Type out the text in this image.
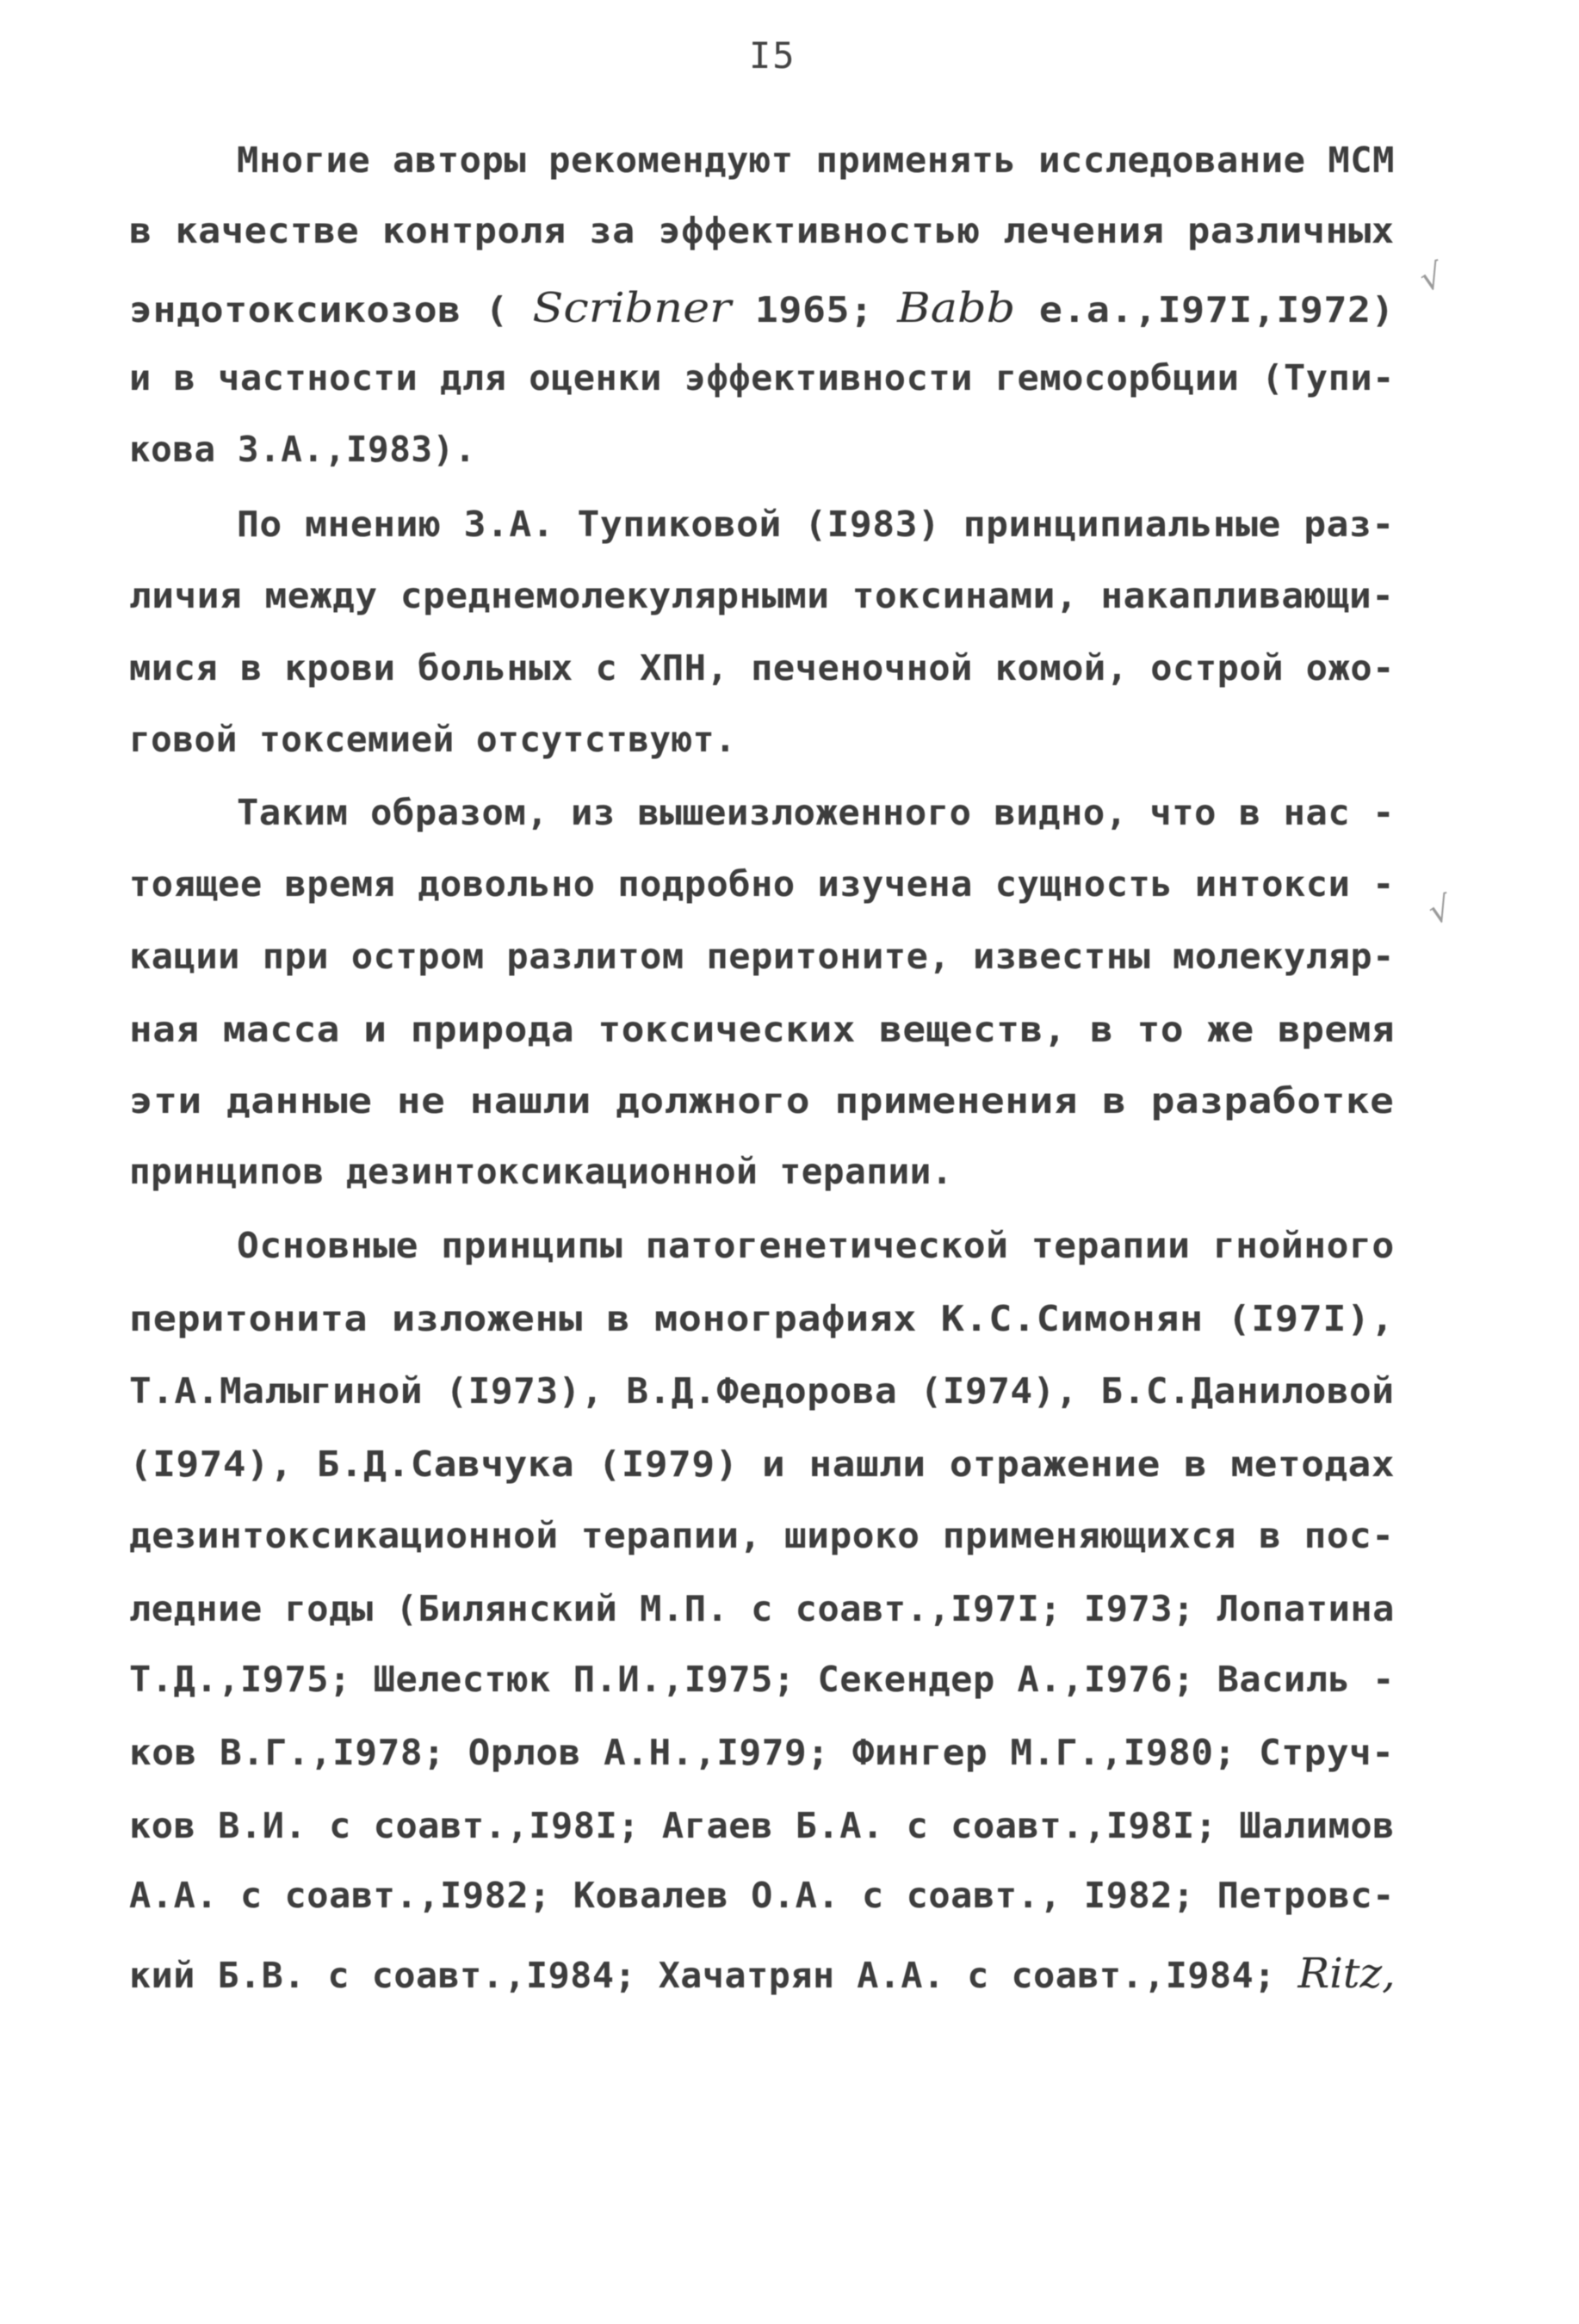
I5
Многие авторы рекомендуют применять исследование МСМ
в качестве контроля за эффективностью лечения различных
эндотоксикозов ( Scribner 1965; Babb e.a.,I97I,I972)
и в частности для оценки эффективности гемосорбции (Тупи-
кова З.А.,I983).
По мнению З.А. Тупиковой (I983) принципиальные раз-
личия между среднемолекулярными токсинами, накапливающи-
мися в крови больных с ХПН, печеночной комой, острой ожо-
говой токсемией отсутствуют.
Таким образом, из вышеизложенного видно, что в нас -
тоящее время довольно подробно изучена сущность интокси -
кации при остром разлитом перитоните, известны молекуляр-
ная масса и природа токсических веществ, в то же время
эти данные не нашли должного применения в разработке
принципов дезинтоксикационной терапии.
Основные принципы патогенетической терапии гнойного
перитонита изложены в монографиях К.С.Симонян (I97I),
Т.А.Малыгиной (I973), В.Д.Федорова (I974), Б.С.Даниловой
(I974), Б.Д.Савчука (I979) и нашли отражение в методах
дезинтоксикационной терапии, широко применяющихся в пос-
ледние годы (Билянский М.П. с соавт.,I97I; I973; Лопатина
Т.Д.,I975; Шелестюк П.И.,I975; Секендер А.,I976; Василь -
ков В.Г.,I978; Орлов А.Н.,I979; Фингер М.Г.,I980; Струч-
ков В.И. с соавт.,I98I; Агаев Б.А. с соавт.,I98I; Шалимов
А.А. с соавт.,I982; Ковалев О.А. с соавт., I982; Петровс-
кий Б.В. с соавт.,I984; Хачатрян А.А. с соавт.,I984; Ritz,
√
√
